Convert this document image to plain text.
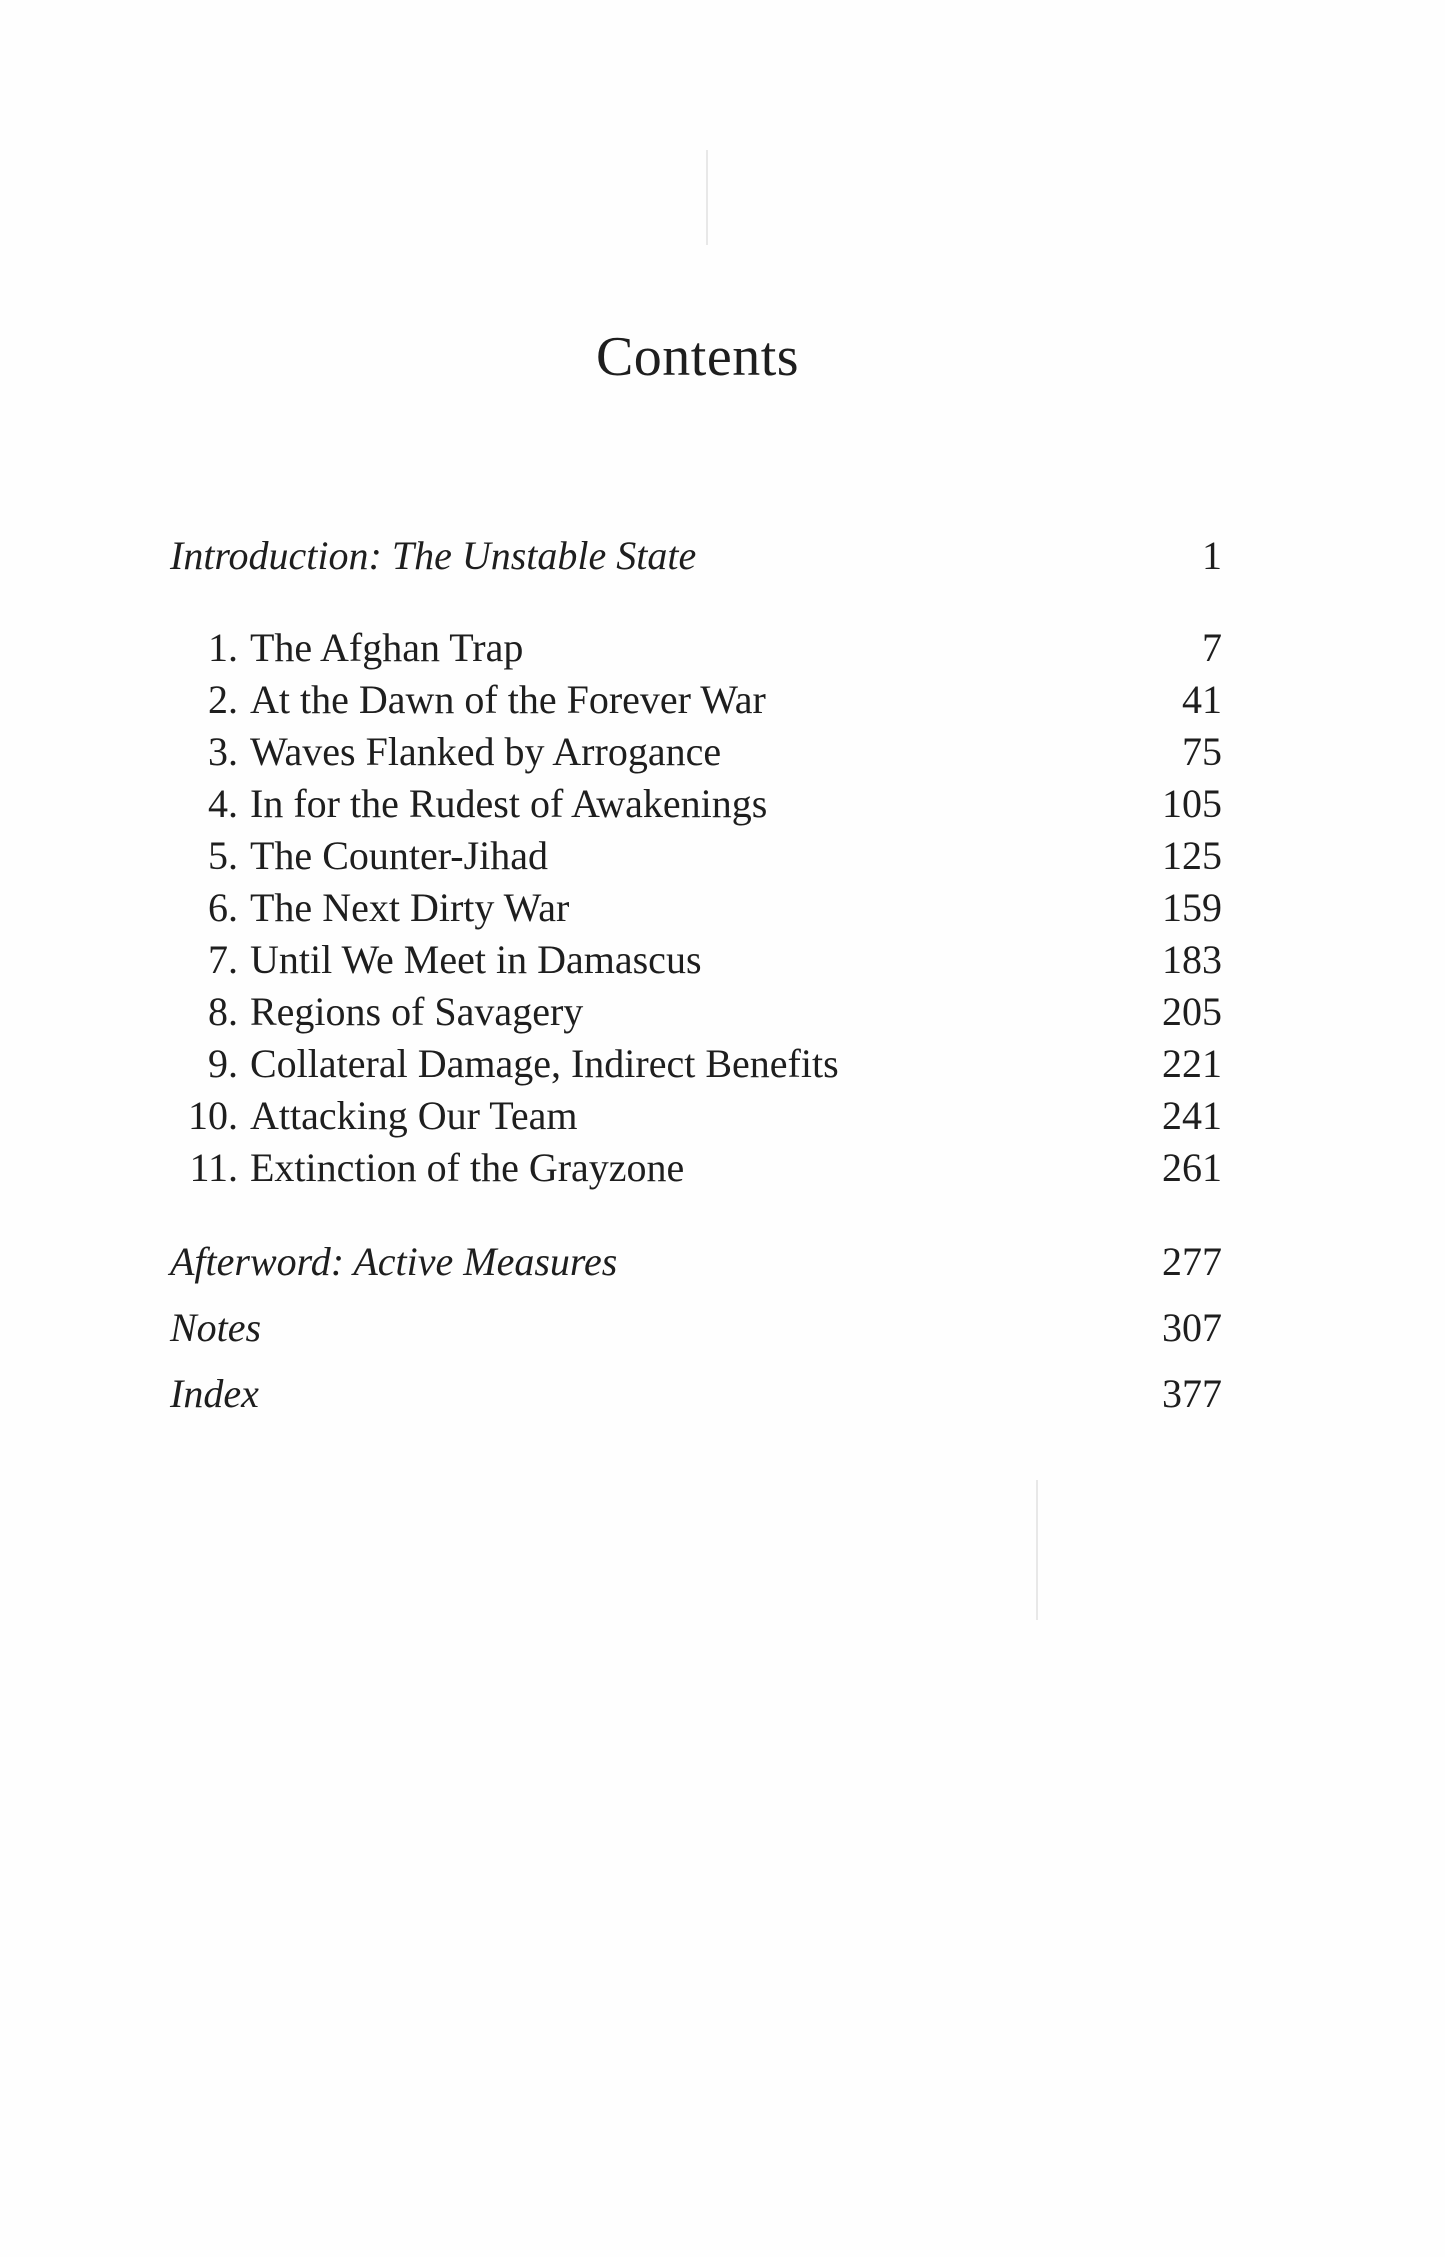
Contents
Introduction: The Unstable State	1
1. The Afghan Trap	7
2. At the Dawn of the Forever War	41
3. Waves Flanked by Arrogance	75
4. In for the Rudest of Awakenings	105
5. The Counter-Jihad	125
6. The Next Dirty War	159
7. Until We Meet in Damascus	183
8. Regions of Savagery	205
9. Collateral Damage, Indirect Benefits	221
10. Attacking Our Team	241
11. Extinction of the Grayzone	261
Afterword: Active Measures	277
Notes	307
Index	377
